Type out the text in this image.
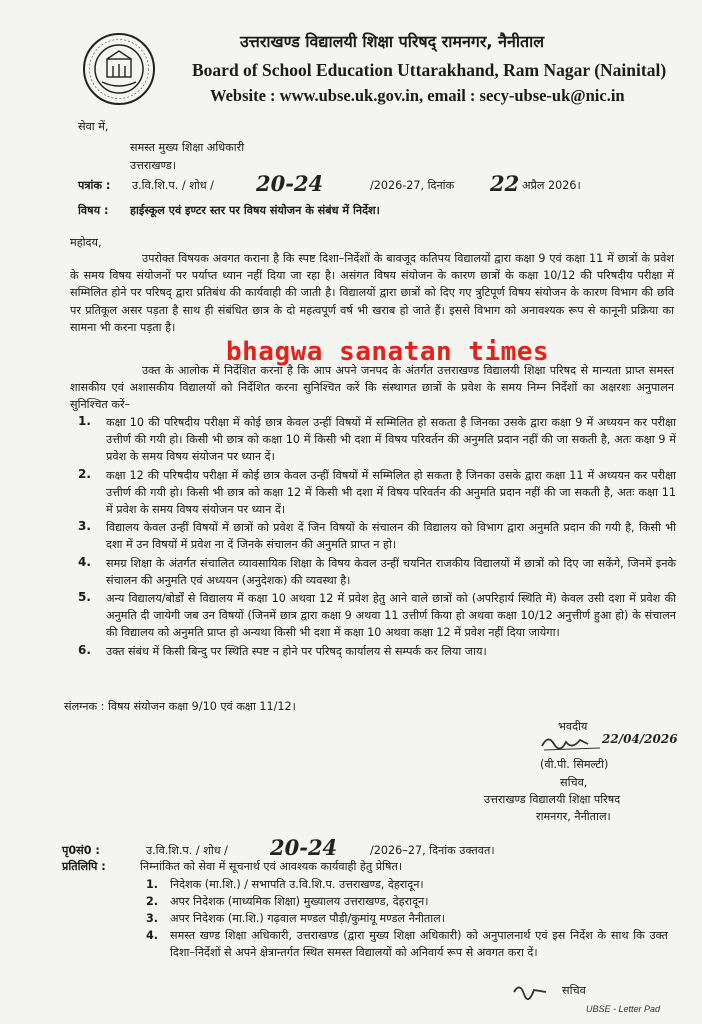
उत्तराखण्ड विद्यालयी शिक्षा परिषद् रामनगर, नैनीताल
Board of School Education Uttarakhand, Ram Nagar (Nainital)
Website : www.ubse.uk.gov.in, email : secy-ubse-uk@nic.in
सेवा में,
समस्त मुख्य शिक्षा अधिकारी
उत्तराखण्ड।
पत्रांक : उ.वि.शि.प. / शोध / 20-24	/2026-27, दिनांक 22 अप्रैल 2026।
विषय : हाईस्कूल एवं इण्टर स्तर पर विषय संयोजन के संबंध में निर्देश।
महोदय,
उपरोक्त विषयक अवगत कराना है कि स्पष्ट दिशा–निर्देशों के बावजूद कतिपय विद्यालयों द्वारा कक्षा 9 एवं कक्षा 11 में छात्रों के प्रवेश के समय विषय संयोजनों पर पर्याप्त ध्यान नहीं दिया जा रहा है। असंगत विषय संयोजन के कारण छात्रों के कक्षा 10/12 की परिषदीय परीक्षा में सम्मिलित होने पर परिषद् द्वारा प्रतिबंध की कार्यवाही की जाती है। विद्यालयों द्वारा छात्रों को दिए गए त्रुटिपूर्ण विषय संयोजन के कारण विभाग की छवि पर प्रतिकूल असर पड़ता है साथ ही संबंधित छात्र के दो महत्वपूर्ण वर्ष भी खराब हो जाते हैं। इससे विभाग को अनावश्यक रूप से कानूनी प्रक्रिया का सामना भी करना पड़ता है।
bhagwa sanatan times
उक्त के आलोक में निर्देशित करना है कि आप अपने जनपद के अंतर्गत उत्तराखण्ड विद्यालयी शिक्षा परिषद से मान्यता प्राप्त समस्त शासकीय एवं अशासकीय विद्यालयों को निर्देशित करना सुनिश्चित करें कि संस्थागत छात्रों के प्रवेश के समय निम्न निर्देशों का अक्षरशः अनुपालन सुनिश्चित करें–
1.	कक्षा 10 की परिषदीय परीक्षा में कोई छात्र केवल उन्हीं विषयों में सम्मिलित हो सकता है जिनका उसके द्वारा कक्षा 9 में अध्ययन कर परीक्षा उत्तीर्ण की गयी हो। किसी भी छात्र को कक्षा 10 में किसी भी दशा में विषय परिवर्तन की अनुमति प्रदान नहीं की जा सकती है, अतः कक्षा 9 में प्रवेश के समय विषय संयोजन पर ध्यान दें।
2.	कक्षा 12 की परिषदीय परीक्षा में कोई छात्र केवल उन्हीं विषयों में सम्मिलित हो सकता है जिनका उसके द्वारा कक्षा 11 में अध्ययन कर परीक्षा उत्तीर्ण की गयी हो। किसी भी छात्र को कक्षा 12 में किसी भी दशा में विषय परिवर्तन की अनुमति प्रदान नहीं की जा सकती है, अतः कक्षा 11 में प्रवेश के समय विषय संयोजन पर ध्यान दें।
3.	विद्यालय केवल उन्हीं विषयों में छात्रों को प्रवेश दें जिन विषयों के संचालन की विद्यालय को विभाग द्वारा अनुमति प्रदान की गयी है, किसी भी दशा में उन विषयों में प्रवेश ना दें जिनके संचालन की अनुमति प्राप्त न हो।
4.	समग्र शिक्षा के अंतर्गत संचालित व्यावसायिक शिक्षा के विषय केवल उन्हीं चयनित राजकीय विद्यालयों में छात्रों को दिए जा सकेंगे, जिनमें इनके संचालन की अनुमति एवं अध्ययन (अनुदेशक) की व्यवस्था है।
5.	अन्य विद्यालय/बोर्डों से विद्यालय में कक्षा 10 अथवा 12 में प्रवेश हेतु आने वाले छात्रों को (अपरिहार्य स्थिति में) केवल उसी दशा में प्रवेश की अनुमति दी जायेगी जब उन विषयों (जिनमें छात्र द्वारा कक्षा 9 अथवा 11 उत्तीर्ण किया हो अथवा कक्षा 10/12 अनुत्तीर्ण हुआ हो) के संचालन की विद्यालय को अनुमति प्राप्त हो अन्यथा किसी भी दशा में कक्षा 10 अथवा कक्षा 12 में प्रवेश नहीं दिया जायेगा।
6.	उक्त संबंध में किसी बिन्दु पर स्थिति स्पष्ट न होने पर परिषद् कार्यालय से सम्पर्क कर लिया जाय।
संलग्नक : विषय संयोजन कक्षा 9/10 एवं कक्षा 11/12।
भवदीय
22/04/2026
(वी.पी. सिमल्टी)
सचिव,
उत्तराखण्ड विद्यालयी शिक्षा परिषद
रामनगर, नैनीताल।
पृ0सं0 :	उ.वि.शि.प. / शोध / 20-24	/2026–27, दिनांक उक्तवत।
प्रतिलिपि :	निम्नांकित को सेवा में सूचनार्थ एवं आवश्यक कार्यवाही हेतु प्रेषित।
1.	निदेशक (मा.शि.) / सभापति उ.वि.शि.प. उत्तराखण्ड, देहरादून।
2.	अपर निदेशक (माध्यमिक शिक्षा) मुख्यालय उत्तराखण्ड, देहरादून।
3.	अपर निदेशक (मा.शि.) गढ़वाल मण्डल पौड़ी/कुमांयू मण्डल नैनीताल।
4.	समस्त खण्ड शिक्षा अधिकारी, उत्तराखण्ड (द्वारा मुख्य शिक्षा अधिकारी) को अनुपालनार्थ एवं इस निर्देश के साथ कि उक्त दिशा–निर्देशों से अपने क्षेत्रान्तर्गत स्थित समस्त विद्यालयों को अनिवार्य रूप से अवगत करा दें।
सचिव
UBSE - Letter Pad
